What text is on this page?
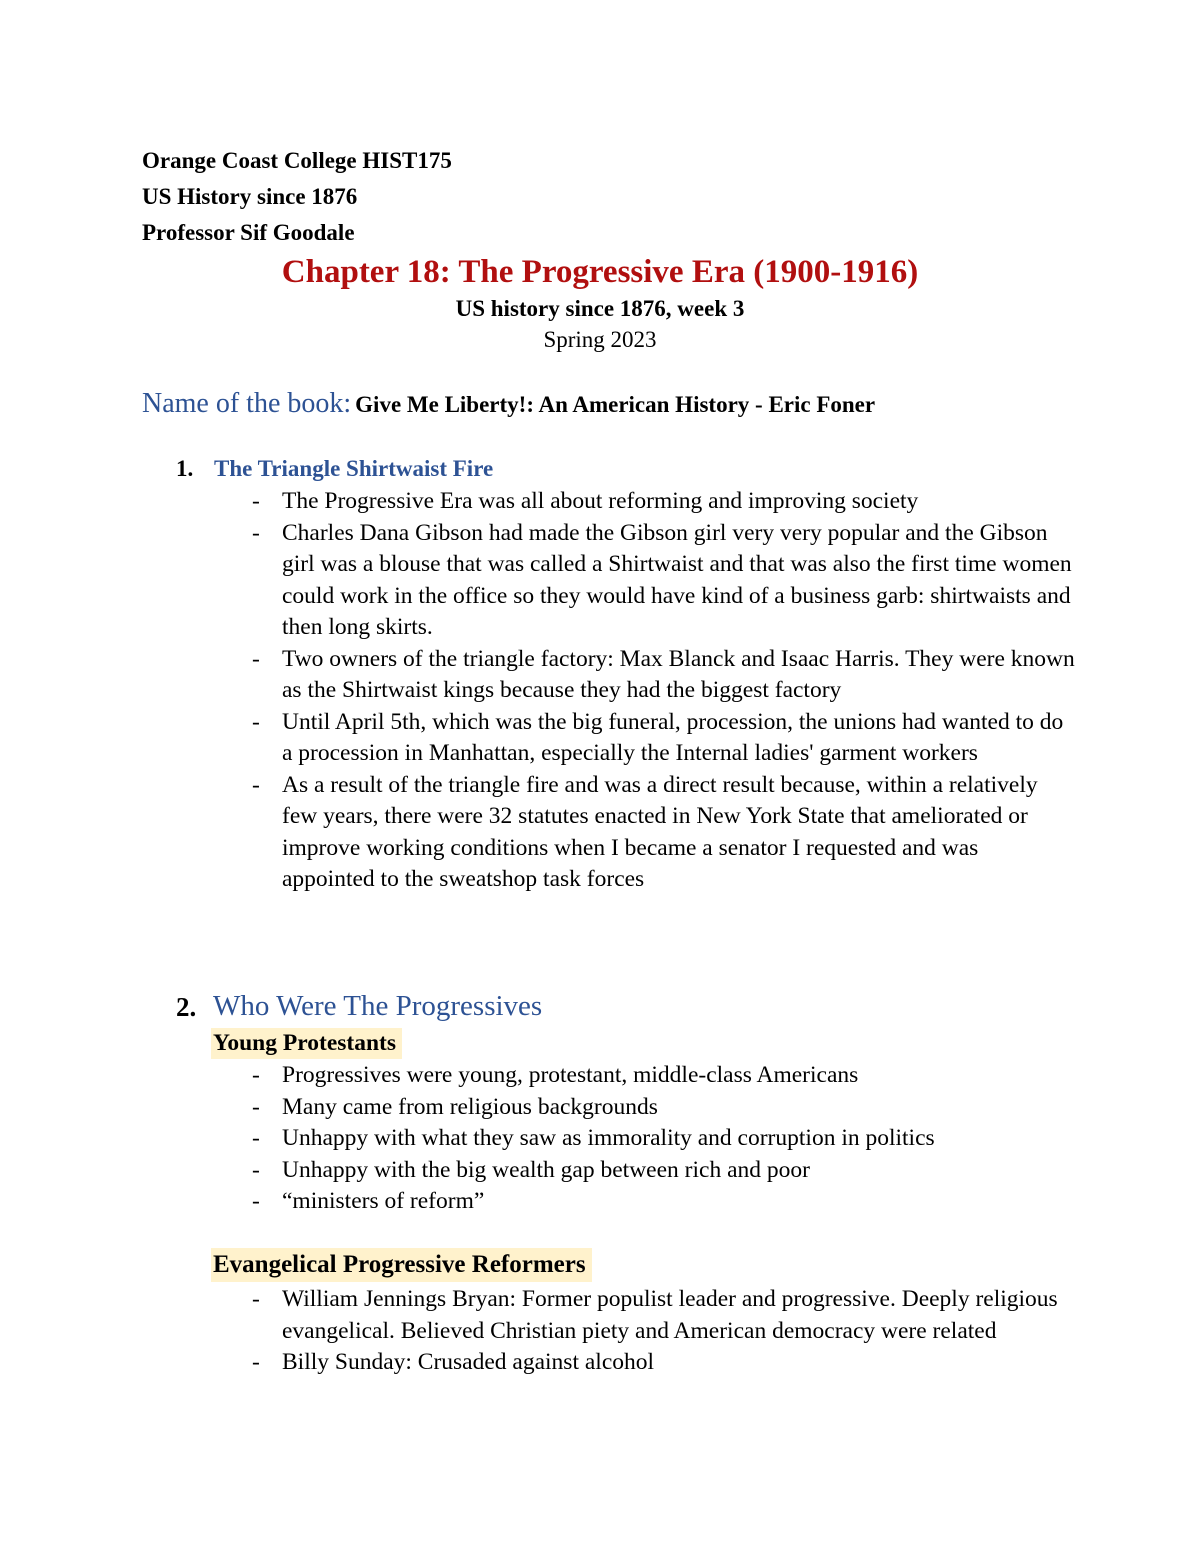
Orange Coast College HIST175
US History since 1876
Professor Sif Goodale
Chapter 18: The Progressive Era (1900-1916)
US history since 1876, week 3
Spring 2023
Name of the book: Give Me Liberty!: An American History - Eric Foner
1. The Triangle Shirtwaist Fire
- The Progressive Era was all about reforming and improving society
- Charles Dana Gibson had made the Gibson girl very very popular and the Gibson girl was a blouse that was called a Shirtwaist and that was also the first time women could work in the office so they would have kind of a business garb: shirtwaists and then long skirts.
- Two owners of the triangle factory: Max Blanck and Isaac Harris. They were known as the Shirtwaist kings because they had the biggest factory
- Until April 5th, which was the big funeral, procession, the unions had wanted to do a procession in Manhattan, especially the Internal ladies' garment workers
- As a result of the triangle fire and was a direct result because, within a relatively few years, there were 32 statutes enacted in New York State that ameliorated or improve working conditions when I became a senator I requested and was appointed to the sweatshop task forces
2. Who Were The Progressives
Young Protestants
- Progressives were young, protestant, middle-class Americans
- Many came from religious backgrounds
- Unhappy with what they saw as immorality and corruption in politics
- Unhappy with the big wealth gap between rich and poor
- “ministers of reform”
Evangelical Progressive Reformers
- William Jennings Bryan: Former populist leader and progressive. Deeply religious evangelical. Believed Christian piety and American democracy were related
- Billy Sunday: Crusaded against alcohol
